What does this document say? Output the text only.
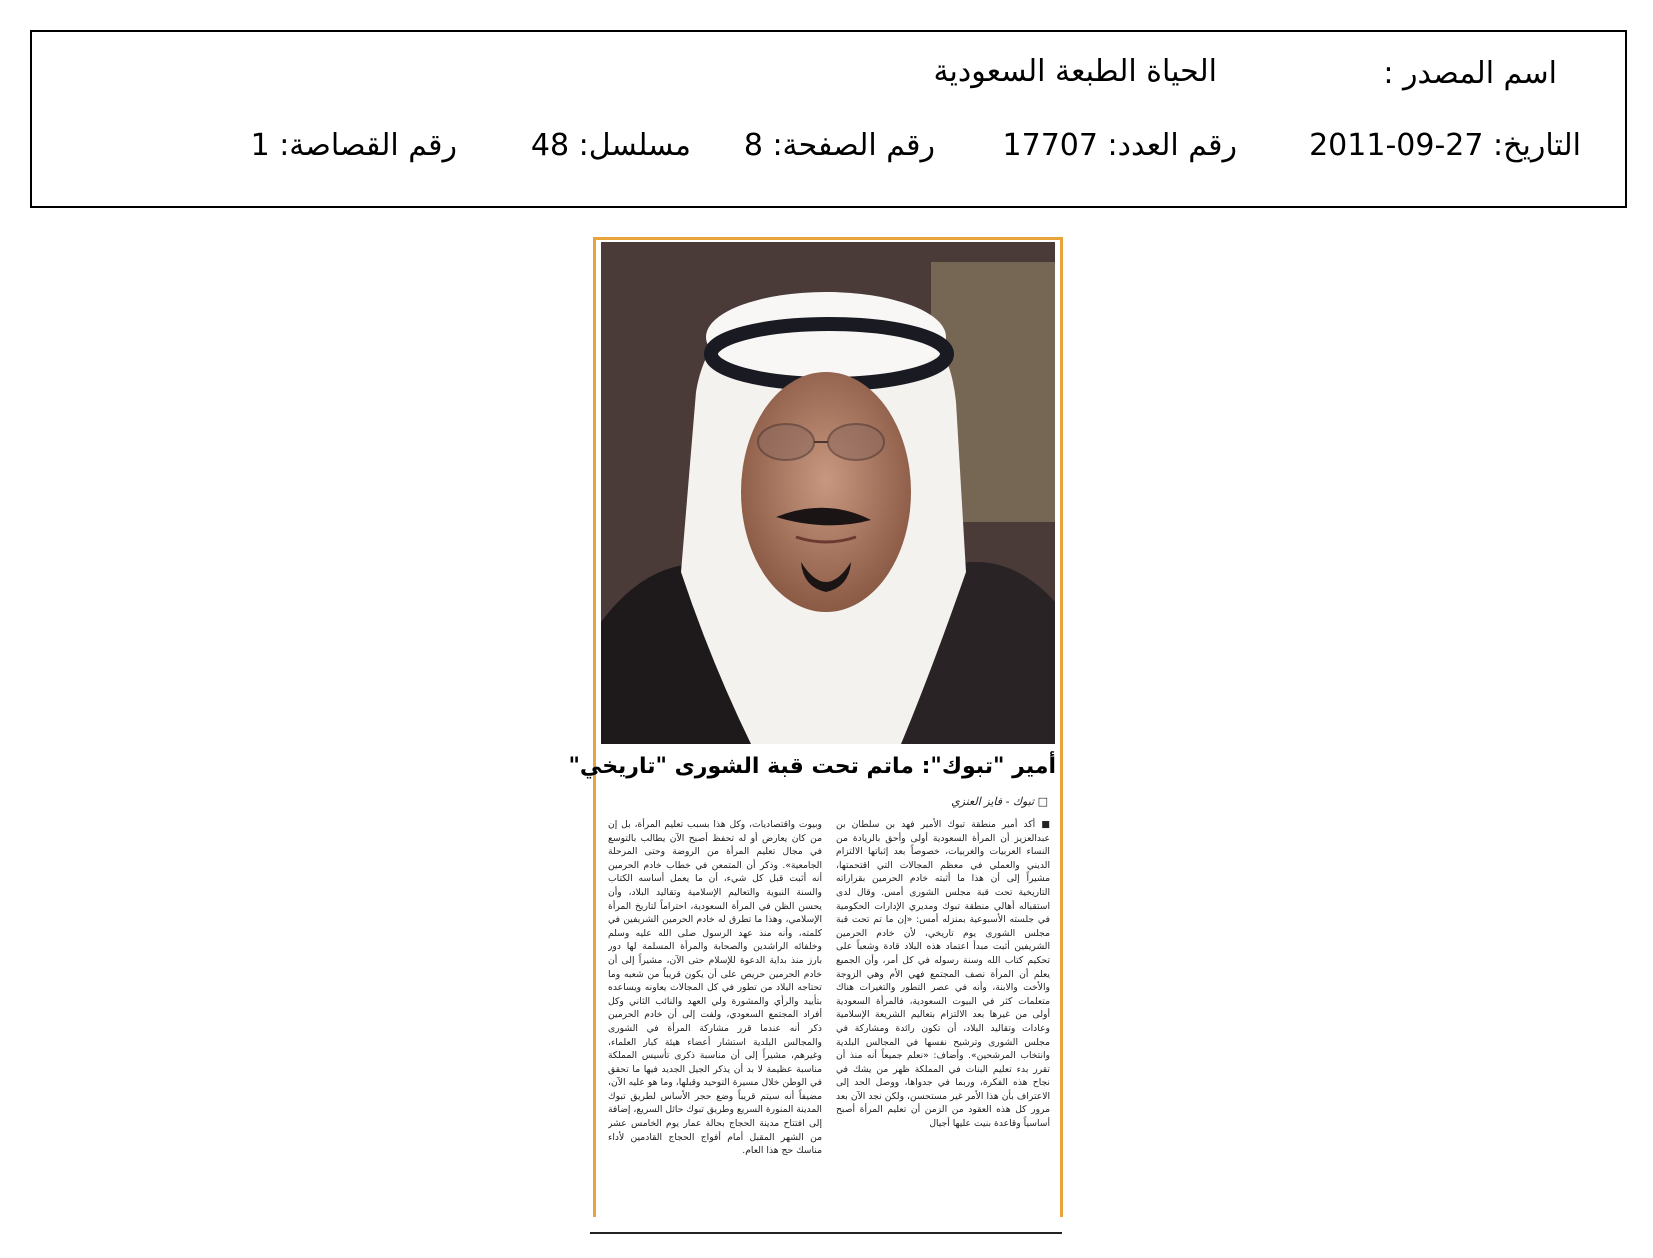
اسم المصدر :
الحياة الطبعة السعودية
التاريخ: 27-09-2011
رقم العدد: 17707
رقم الصفحة: 8
مسلسل: 48
رقم القصاصة: 1
أمير "تبوك": ماتم تحت قبة الشورى "تاريخي"
□ تبوك - فايز العنزي
■ أكد أمير منطقة تبوك الأمير فهد بن سلطان بن عبدالعزيز أن المرأة السعودية أولى وأحق بالريادة من النساء العربيات والغربيات، خصوصاً بعد إثباتها الالتزام الديني والعملي في معظم المجالات التي اقتحمتها، مشيراً إلى أن هذا ما أثبته خادم الحرمين بقراراته التاريخية تحت قبة مجلس الشورى أمس. وقال لدى استقباله أهالي منطقة تبوك ومديري الإدارات الحكومية في جلسته الأسبوعية بمنزله أمس: «إن ما تم تحت قبة مجلس الشورى يوم تاريخي، لأن خادم الحرمين الشريفين أثبت مبدأ اعتماد هذه البلاد قادة وشعباً على تحكيم كتاب الله وسنة رسوله في كل أمر، وأن الجميع يعلم أن المرأة نصف المجتمع فهي الأم وهي الزوجة والأخت والابنة، وأنه في عصر التطور والتغيرات هناك متعلمات كثر في البيوت السعودية، فالمرأة السعودية أولى من غيرها بعد الالتزام بتعاليم الشريعة الإسلامية وعادات وتقاليد البلاد، أن تكون رائدة ومشاركة في مجلس الشورى وترشيح نفسها في المجالس البلدية وانتخاب المرشحين». وأضاف: «نعلم جميعاً أنه منذ أن تقرر بدء تعليم البنات في المملكة ظهر من يشك في نجاح هذه الفكرة، وربما في جدواها، ووصل الحد إلى الاعتراف بأن هذا الأمر غير مستحسن، ولكن نجد الآن بعد مرور كل هذه العقود من الزمن أن تعليم المرأة أصبح أساسياً وقاعدة بنيت عليها أجيال
وبيوت واقتصاديات، وكل هذا بسبب تعليم المرأة، بل إن من كان يعارض أو له تحفظ أصبح الآن يطالب بالتوسع في مجال تعليم المرأة من الروضة وحتى المرحلة الجامعية». وذكر أن المتمعن في خطاب خادم الحرمين أنه أثبت قبل كل شيء، أن ما يعمل أساسه الكتاب والسنة النبوية والتعاليم الإسلامية وتقاليد البلاد، وأن يحسن الظن في المرأة السعودية، احتراماً لتاريخ المرأة الإسلامي، وهذا ما تطرق له خادم الحرمين الشريفين في كلمته، وأنه منذ عهد الرسول صلى الله عليه وسلم وخلفائه الراشدين والصحابة والمرأة المسلمة لها دور بارز منذ بداية الدعوة للإسلام حتى الآن، مشيراً إلى أن خادم الحرمين حريص على أن يكون قريباً من شعبه وما تحتاجه البلاد من تطور في كل المجالات يعاونه ويساعده بتأييد والرأي والمشورة ولي العهد والنائب الثاني وكل أفراد المجتمع السعودي، ولفت إلى أن خادم الحرمين ذكر أنه عندما قرر مشاركة المرأة في الشورى والمجالس البلدية استشار أعضاء هيئة كبار العلماء، وغيرهم، مشيراً إلى أن مناسبة ذكرى تأسيس المملكة مناسبة عظيمة لا بد أن يذكر الجيل الجديد فيها ما تحقق في الوطن خلال مسيرة التوحيد وقبلها، وما هو عليه الآن، مضيفاً أنه سيتم قريباً وضع حجر الأساس لطريق تبوك المدينة المنورة السريع وطريق تبوك حائل السريع، إضافة إلى افتتاح مدينة الحجاج بحالة عمار يوم الخامس عشر من الشهر المقبل أمام أفواج الحجاج القادمين لأداء مناسك حج هذا العام.
